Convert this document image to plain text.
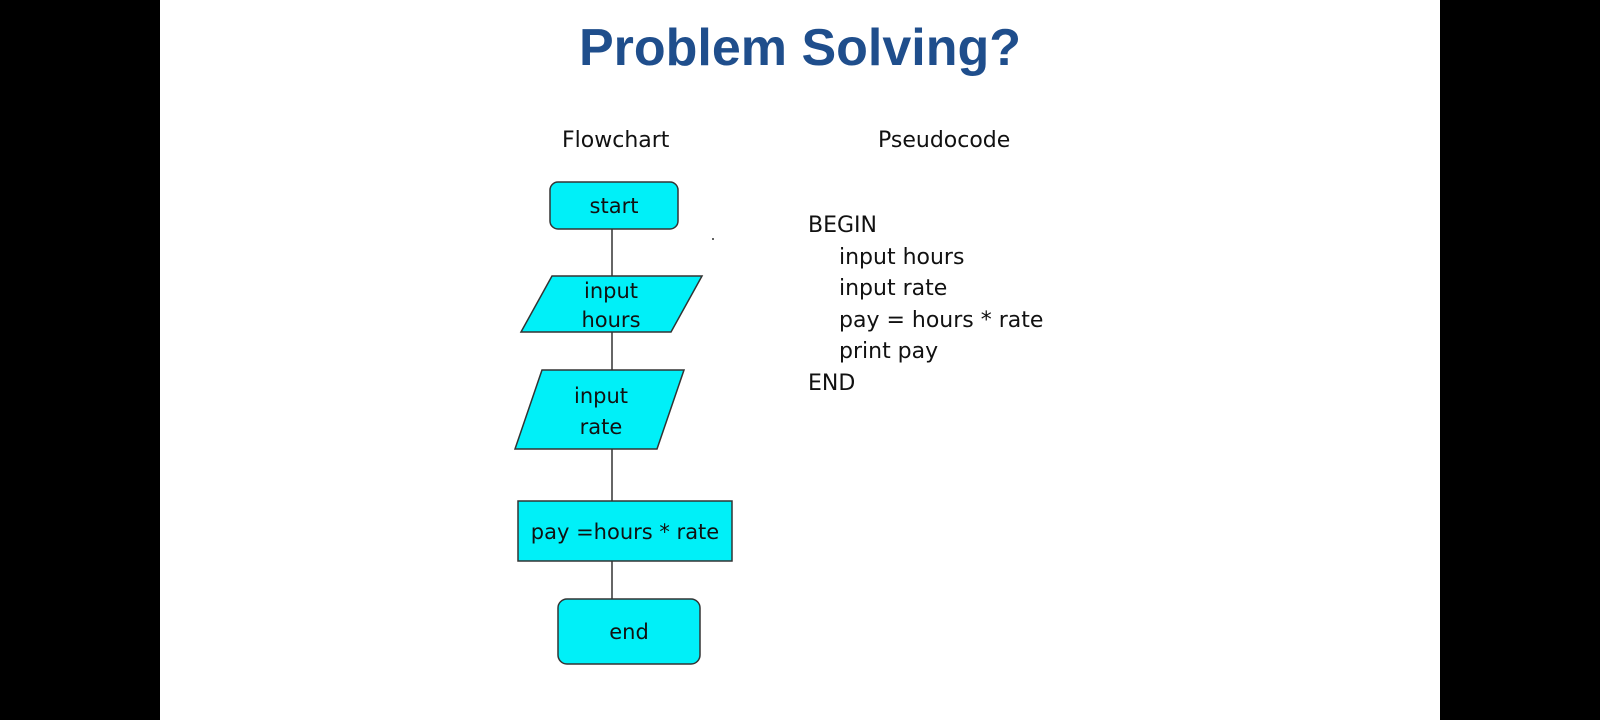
Problem Solving?
Flowchart	Pseudocode
start
input
hours
input
rate
pay =hours * rate
end
BEGIN
input hours
input rate
pay = hours * rate
print pay
END
